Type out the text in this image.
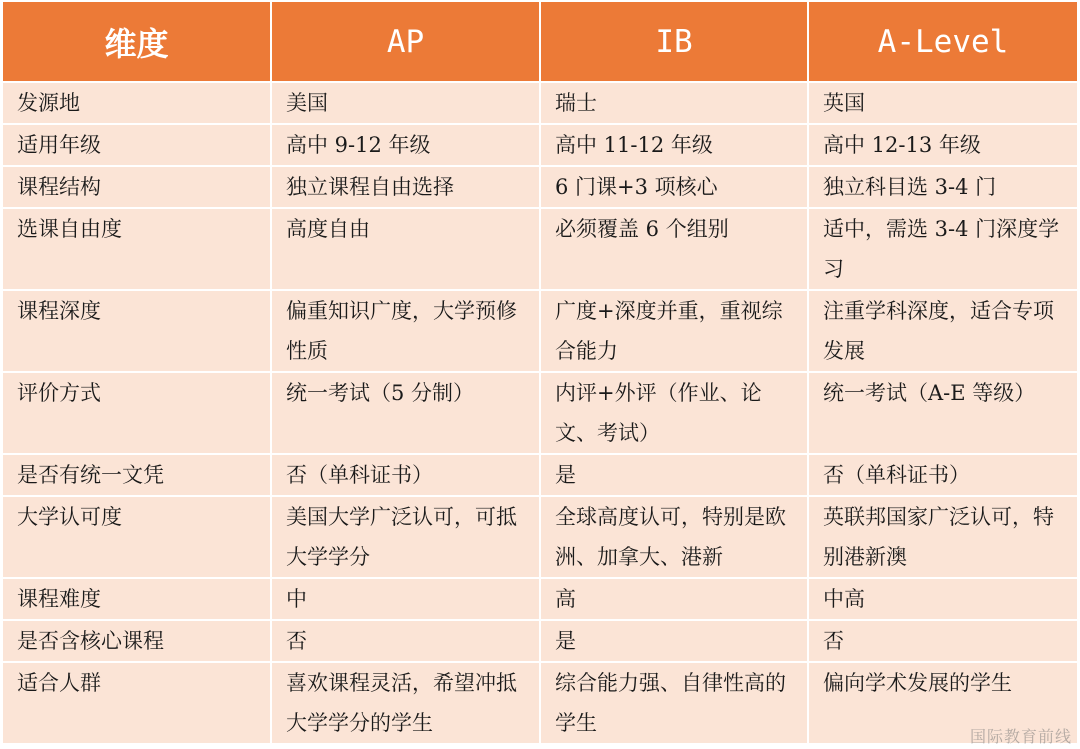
维度	AP	IB	A-Level
发源地	美国	瑞士	英国
适用年级	高中 9-12 年级	高中 11-12 年级	高中 12-13 年级
课程结构	独立课程自由选择	6 门课+3 项核心	独立科目选 3-4 门
选课自由度	高度自由	必须覆盖 6 个组别	适中，需选 3-4 门深度学习
课程深度	偏重知识广度，大学预修性质	广度+深度并重，重视综合能力	注重学科深度，适合专项发展
评价方式	统一考试（5 分制）	内评+外评（作业、论文、考试）	统一考试（A-E 等级）
是否有统一文凭	否（单科证书）	是	否（单科证书）
大学认可度	美国大学广泛认可，可抵大学学分	全球高度认可，特别是欧洲、加拿大、港新	英联邦国家广泛认可，特别港新澳
课程难度	中	高	中高
是否含核心课程	否	是	否
适合人群	喜欢课程灵活，希望冲抵大学学分的学生	综合能力强、自律性高的学生	偏向学术发展的学生
国际教育前线
